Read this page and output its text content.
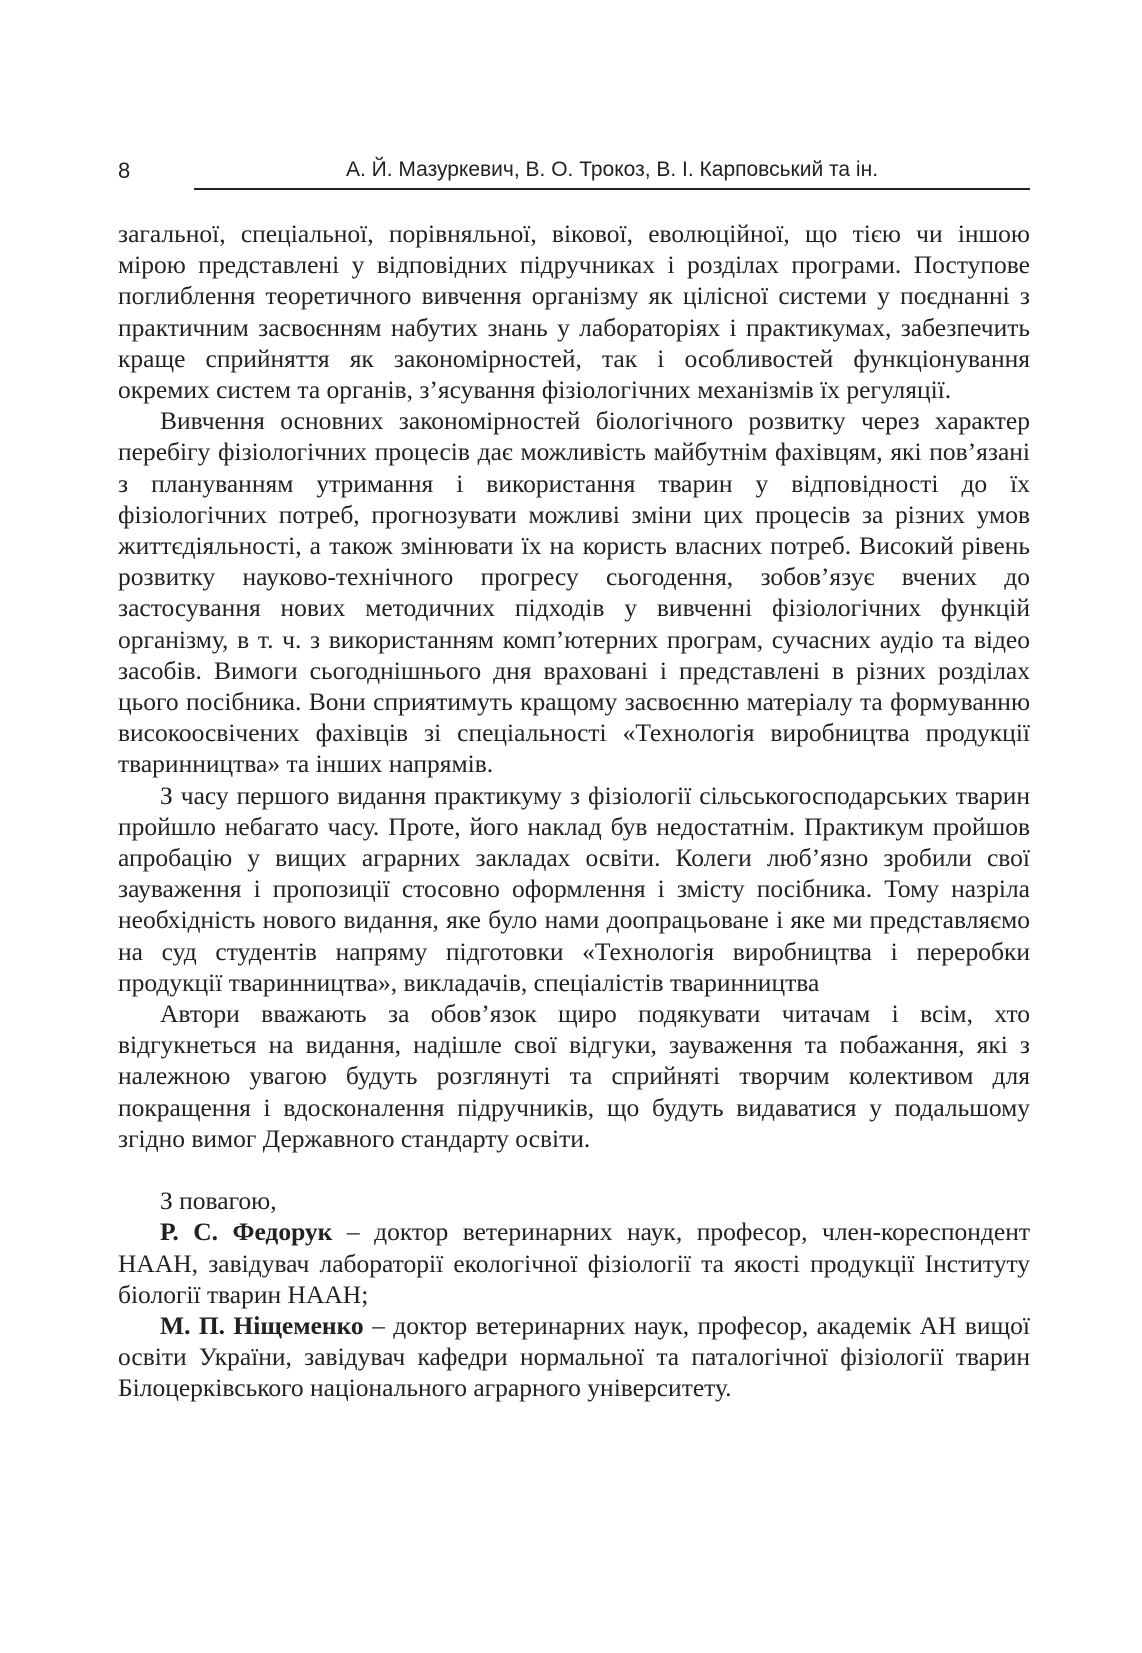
8	А. Й. Мазуркевич, В. О. Трокоз, В. І. Карповський та ін.

загальної, спеціальної, порівняльної, вікової, еволюційної, що тією чи іншою мірою представлені у відповідних підручниках і розділах програми. Поступове поглиблення теоретичного вивчення організму як цілісної системи у поєднанні з практичним засвоєнням набутих знань у лабораторіях і практикумах, забезпечить краще сприйняття як закономірностей, так і особливостей функціонування окремих систем та органів, з’ясування фізіологічних механізмів їх регуляції.

Вивчення основних закономірностей біологічного розвитку через характер перебігу фізіологічних процесів дає можливість майбутнім фахівцям, які пов’язані з плануванням утримання і використання тварин у відповідності до їх фізіологічних потреб, прогнозувати можливі зміни цих процесів за різних умов життєдіяльності, а також змінювати їх на користь власних потреб. Високий рівень розвитку науково-технічного прогресу сьогодення, зобов’язує вчених до застосування нових методичних підходів у вивченні фізіологічних функцій організму, в т. ч. з використанням комп’ютерних програм, сучасних аудіо та відео засобів. Вимоги сьогоднішнього дня враховані і представлені в різних розділах цього посібника. Вони сприятимуть кращому засвоєнню матеріалу та формуванню високоосвічених фахівців зі спеціальності «Технологія виробництва продукції тваринництва» та інших напрямів.

З часу першого видання практикуму з фізіології сільськогосподарських тварин пройшло небагато часу. Проте, його наклад був недостатнім. Практикум пройшов апробацію у вищих аграрних закладах освіти. Колеги люб’язно зробили свої зауваження і пропозиції стосовно оформлення і змісту посібника. Тому назріла необхідність нового видання, яке було нами доопрацьоване і яке ми представляємо на суд студентів напряму підготовки «Технологія виробництва і переробки продукції тваринництва», викладачів, спеціалістів тваринництва

Автори вважають за обов’язок щиро подякувати читачам і всім, хто відгукнеться на видання, надішле свої відгуки, зауваження та побажання, які з належною увагою будуть розглянуті та сприйняті творчим колективом для покращення і вдосконалення підручників, що будуть видаватися у подальшому згідно вимог Державного стандарту освіти.

З повагою,

Р. С. Федорук – доктор ветеринарних наук, професор, член-кореспондент НААН, завідувач лабораторії екологічної фізіології та якості продукції Інституту біології тварин НААН;

М. П. Ніщеменко – доктор ветеринарних наук, професор, академік АН вищої освіти України, завідувач кафедри нормальної та паталогічної фізіології тварин Білоцерківського національного аграрного університету.
